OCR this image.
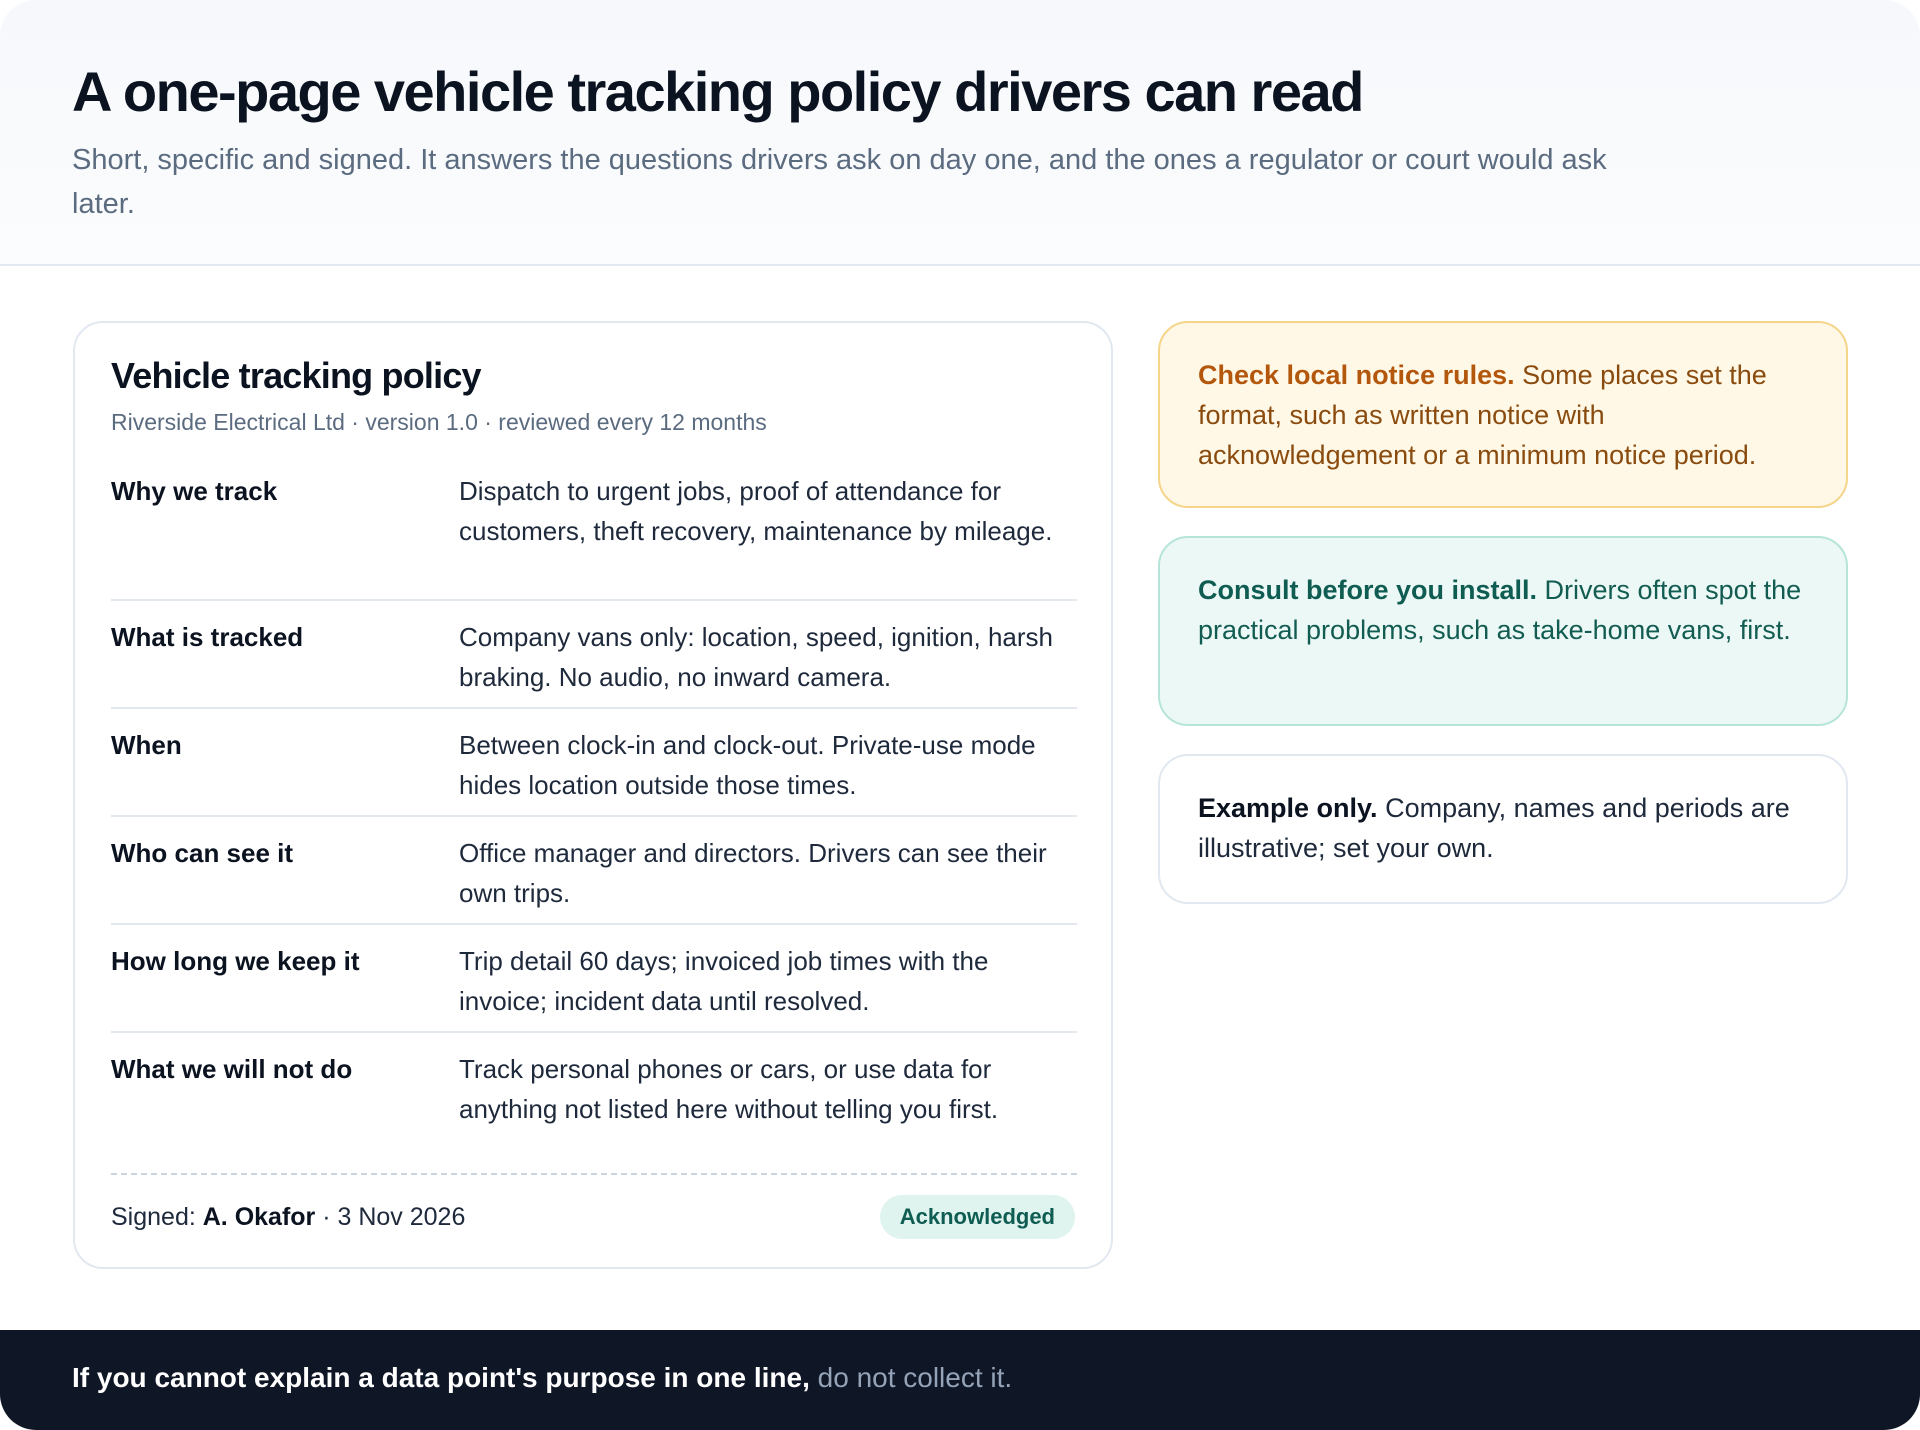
A one-page vehicle tracking policy drivers can read

Short, specific and signed. It answers the questions drivers ask on day one, and the ones a regulator or court would ask later.

Vehicle tracking policy

Riverside Electrical Ltd · version 1.0 · reviewed every 12 months

Why we track	Dispatch to urgent jobs, proof of attendance for customers, theft recovery, maintenance by mileage.
What is tracked	Company vans only: location, speed, ignition, harsh braking. No audio, no inward camera.
When	Between clock-in and clock-out. Private-use mode hides location outside those times.
Who can see it	Office manager and directors. Drivers can see their own trips.
How long we keep it	Trip detail 60 days; invoiced job times with the invoice; incident data until resolved.
What we will not do	Track personal phones or cars, or use data for anything not listed here without telling you first.

Signed: A. Okafor · 3 Nov 2026	Acknowledged
Check local notice rules. Some places set the format, such as written notice with acknowledgement or a minimum notice period.
Consult before you install. Drivers often spot the practical problems, such as take-home vans, first.
Example only. Company, names and periods are illustrative; set your own.

If you cannot explain a data point's purpose in one line, do not collect it.
